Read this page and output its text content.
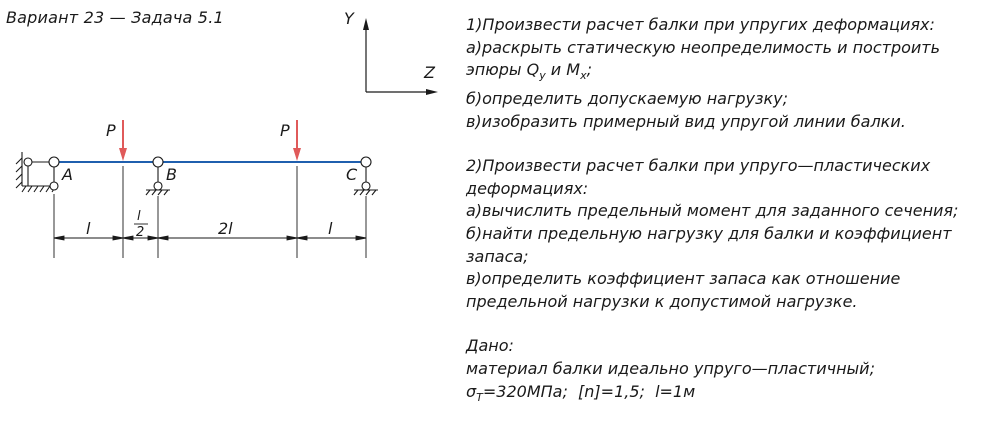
Вариант 23 — Задача 5.1	Y
Z
A	B	C
P	P
l
l
2	2l	l
1)Произвести расчет балки при упругих деформациях:
а)раскрыть статическую неопределимость и построить
эпюры $Q_y$ и $M_x$;
б)определить допускаемую нагрузку;
в)изобразить примерный вид упругой линии балки.
2)Произвести расчет балки при упруго—пластических
деформациях:
а)вычислить предельный момент для заданного сечения;
б)найти предельную нагрузку для балки и коэффициент
запаса;
в)определить коэффициент запаса как отношение
предельной нагрузки к допустимой нагрузке.
Дано:
материал балки идеально упруго—пластичный;
$\sigma_T=320МПа$; [n]=1,5; l=1м
